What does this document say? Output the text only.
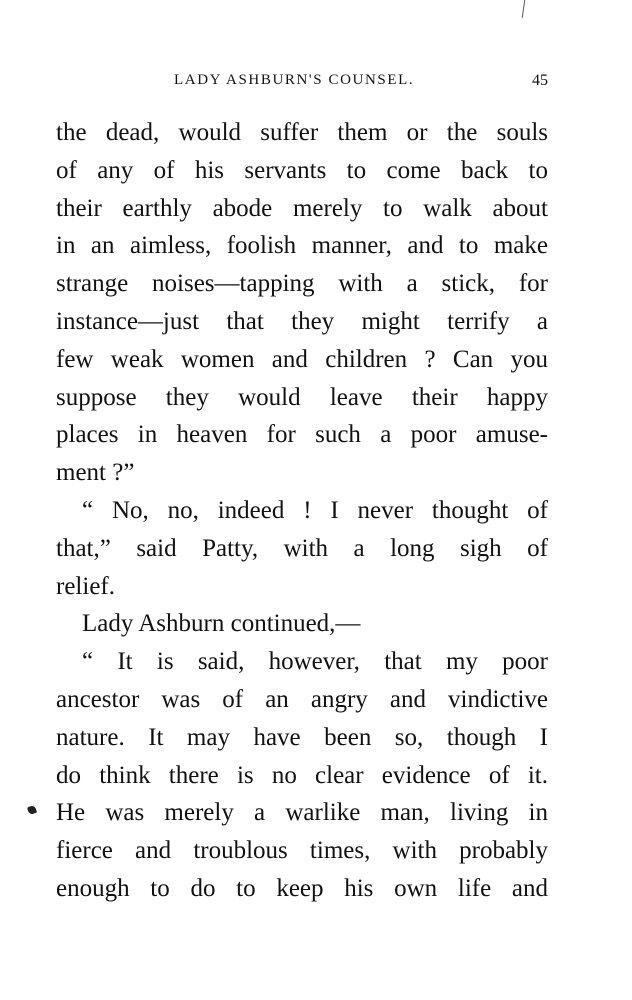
LADY ASHBURN'S COUNSEL.	45
the dead, would suffer them or the souls
of any of his servants to come back to
their earthly abode merely to walk about
in an aimless, foolish manner, and to make
strange noises—tapping with a stick, for
instance—just that they might terrify a
few weak women and children ? Can you
suppose they would leave their happy
places in heaven for such a poor amuse-
ment ?”
“ No, no, indeed ! I never thought of
that,” said Patty, with a long sigh of
relief.
Lady Ashburn continued,—
“ It is said, however, that my poor
ancestor was of an angry and vindictive
nature. It may have been so, though I
do think there is no clear evidence of it.
He was merely a warlike man, living in
fierce and troublous times, with probably
enough to do to keep his own life and
